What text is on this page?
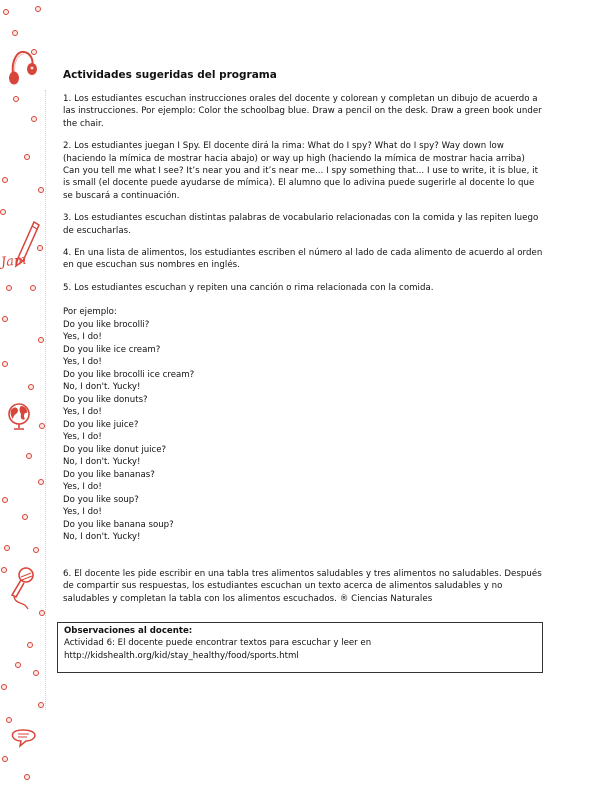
Jam
Actividades sugeridas del programa

1. Los estudiantes escuchan instrucciones orales del docente y colorean y completan un dibujo de acuerdo a las instrucciones. Por ejemplo: Color the schoolbag blue. Draw a pencil on the desk. Draw a green book under the chair.

2. Los estudiantes juegan I Spy. El docente dirá la rima: What do I spy? What do I spy? Way down low (haciendo la mímica de mostrar hacia abajo) or way up high (haciendo la mímica de mostrar hacia arriba) Can you tell me what I see? It’s near you and it’s near me... I spy something that... I use to write, it is blue, it is small (el docente puede ayudarse de mímica). El alumno que lo adivina puede sugerirle al docente lo que se buscará a continuación.

3. Los estudiantes escuchan distintas palabras de vocabulario relacionadas con la comida y las repiten luego de escucharlas.

4. En una lista de alimentos, los estudiantes escriben el número al lado de cada alimento de acuerdo al orden en que escuchan sus nombres en inglés.

5. Los estudiantes escuchan y repiten una canción o rima relacionada con la comida.

Por ejemplo:
Do you like brocolli?
Yes, I do!
Do you like ice cream?
Yes, I do!
Do you like brocolli ice cream?
No, I don't. Yucky!
Do you like donuts?
Yes, I do!
Do you like juice?
Yes, I do!
Do you like donut juice?
No, I don't. Yucky!
Do you like bananas?
Yes, I do!
Do you like soup?
Yes, I do!
Do you like banana soup?
No, I don't. Yucky!

6. El docente les pide escribir en una tabla tres alimentos saludables y tres alimentos no saludables. Después de compartir sus respuestas, los estudiantes escuchan un texto acerca de alimentos saludables y no saludables y completan la tabla con los alimentos escuchados. ® Ciencias Naturales

Observaciones al docente:
Actividad 6: El docente puede encontrar textos para escuchar y leer en
http://kidshealth.org/kid/stay_healthy/food/sports.html
